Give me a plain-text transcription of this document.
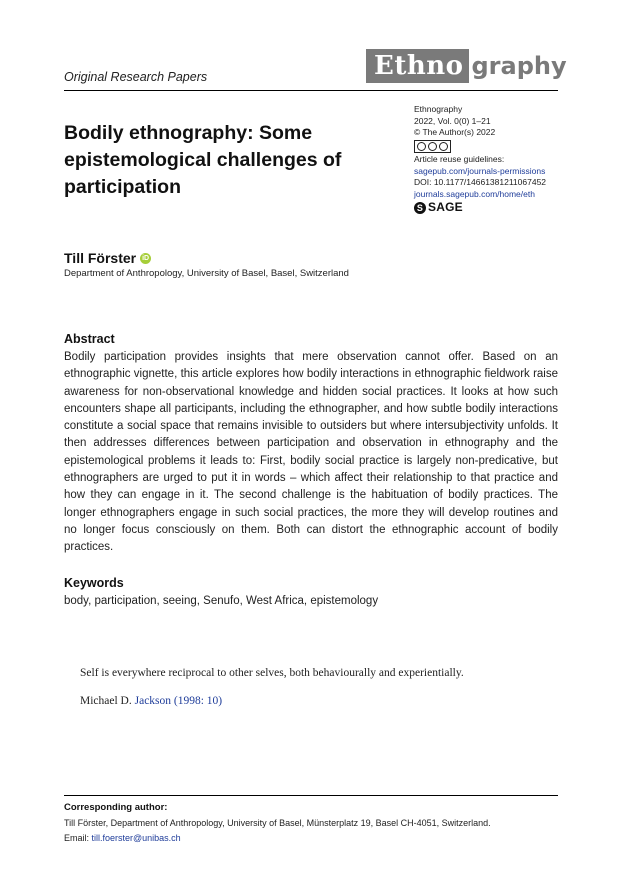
Original Research Papers	Ethno graphy
Bodily ethnography: Some
epistemological challenges of
participation
Ethnography
2022, Vol. 0(0) 1–21
© The Author(s) 2022
Article reuse guidelines:
sagepub.com/journals-permissions
DOI: 10.1177/14661381211067452
journals.sagepub.com/home/eth
S SAGE
Till Förster iD
Department of Anthropology, University of Basel, Basel, Switzerland
Abstract
Bodily participation provides insights that mere observation cannot offer. Based on an ethnographic vignette, this article explores how bodily interactions in ethnographic fieldwork raise awareness for non-observational knowledge and hidden social practices. It looks at how such encounters shape all participants, including the ethnographer, and how subtle bodily interactions constitute a social space that remains invisible to outsiders but where intersubjectivity unfolds. It then addresses differences between participation and observation in ethnography and the epistemological problems it leads to: First, bodily social practice is largely non-predicative, but ethnographers are urged to put it in words – which affect their relationship to that practice and how they can engage in it. The second challenge is the habituation of bodily practices. The longer ethnographers engage in such social practices, the more they will develop routines and no longer focus consciously on them. Both can distort the ethnographic account of bodily practices.
Keywords
body, participation, seeing, Senufo, West Africa, epistemology
Self is everywhere reciprocal to other selves, both behaviourally and experientially.
Michael D. Jackson (1998: 10)
Corresponding author:
Till Förster, Department of Anthropology, University of Basel, Münsterplatz 19, Basel CH-4051, Switzerland.
Email: till.foerster@unibas.ch
